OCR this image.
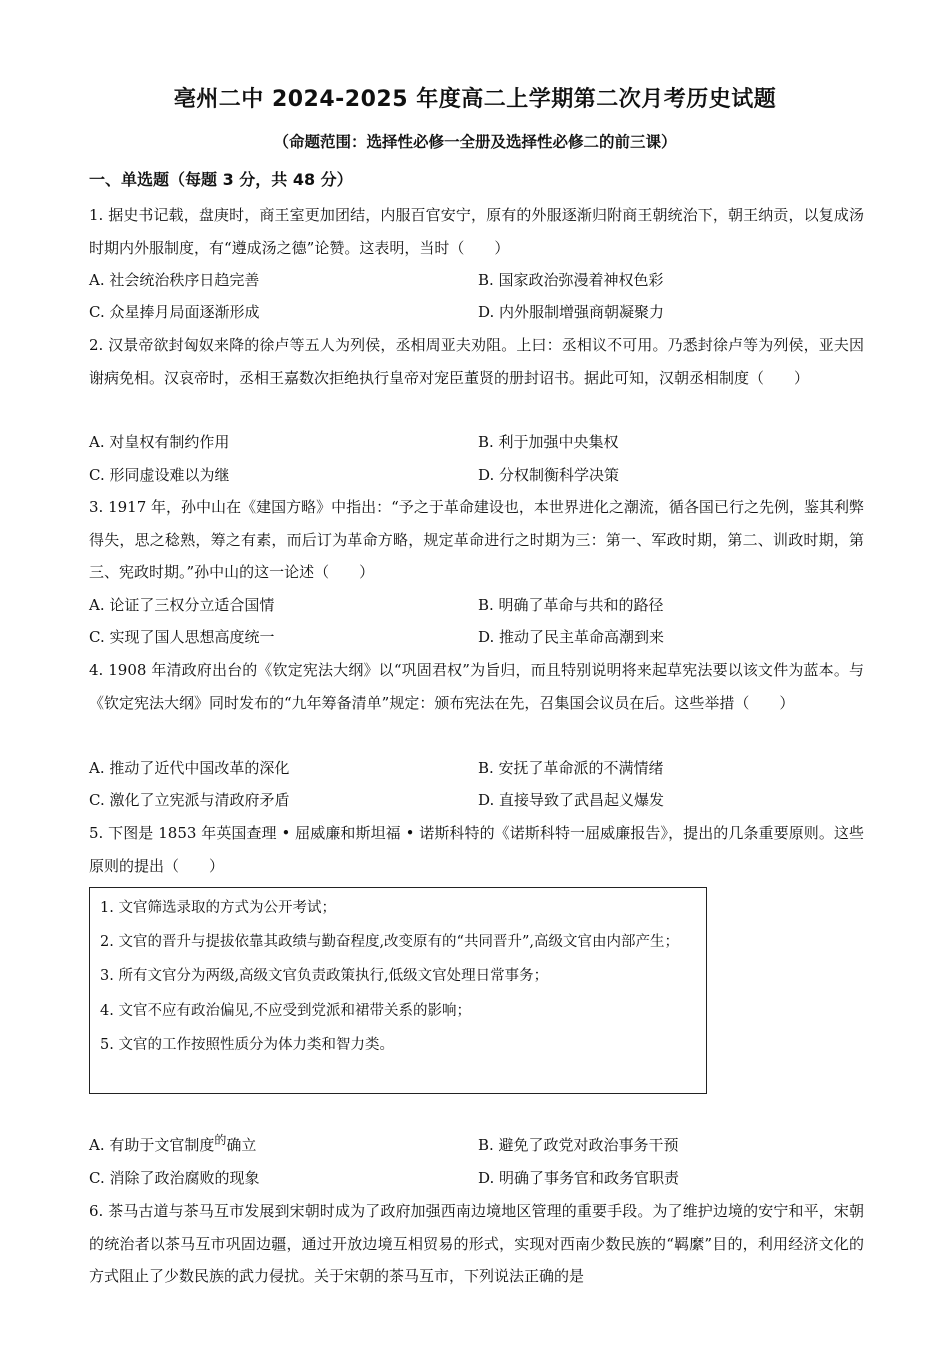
亳州二中 2024-2025 年度高二上学期第二次月考历史试题
（命题范围：选择性必修一全册及选择性必修二的前三课）
一、单选题（每题 3 分，共 48 分）
1. 据史书记载，盘庚时，商王室更加团结，内服百官安宁，原有的外服逐渐归附商王朝统治下，朝王纳贡，以复成汤时期内外服制度，有“遵成汤之德”论赞。这表明，当时（　　）
A. 社会统治秩序日趋完善	B. 国家政治弥漫着神权色彩
C. 众星捧月局面逐渐形成	D. 内外服制增强商朝凝聚力
2. 汉景帝欲封匈奴来降的徐卢等五人为列侯，丞相周亚夫劝阻。上曰：丞相议不可用。乃悉封徐卢等为列侯，亚夫因谢病免相。汉哀帝时，丞相王嘉数次拒绝执行皇帝对宠臣董贤的册封诏书。据此可知，汉朝丞相制度（　　）
A. 对皇权有制约作用	B. 利于加强中央集权
C. 形同虚设难以为继	D. 分权制衡科学决策
3. 1917 年，孙中山在《建国方略》中指出：“予之于革命建设也，本世界进化之潮流，循各国已行之先例，鉴其利弊得失，思之稔熟，筹之有素，而后订为革命方略，规定革命进行之时期为三：第一、军政时期，第二、训政时期，第三、宪政时期。”孙中山的这一论述（　　）
A. 论证了三权分立适合国情	B. 明确了革命与共和的路径
C. 实现了国人思想高度统一	D. 推动了民主革命高潮到来
4. 1908 年清政府出台的《钦定宪法大纲》以“巩固君权”为旨归，而且特别说明将来起草宪法要以该文件为蓝本。与《钦定宪法大纲》同时发布的“九年筹备清单”规定：颁布宪法在先，召集国会议员在后。这些举措（　　）
A. 推动了近代中国改革的深化	B. 安抚了革命派的不满情绪
C. 激化了立宪派与清政府矛盾	D. 直接导致了武昌起义爆发
5. 下图是 1853 年英国查理 • 屈威廉和斯坦福 • 诺斯科特的《诺斯科特一屈威廉报告》，提出的几条重要原则。这些原则的提出（　　）

1. 文官筛选录取的方式为公开考试；

2. 文官的晋升与提拔依靠其政绩与勤奋程度,改变原有的“共同晋升”,高级文官由内部产生；

3. 所有文官分为两级,高级文官负责政策执行,低级文官处理日常事务；

4. 文官不应有政治偏见,不应受到党派和裙带关系的影响；

5. 文官的工作按照性质分为体力类和智力类。

A. 有助于文官制度$^的$确立	B. 避免了政党对政治事务干预
C. 消除了政治腐败的现象	D. 明确了事务官和政务官职责
6. 茶马古道与茶马互市发展到宋朝时成为了政府加强西南边境地区管理的重要手段。为了维护边境的安宁和平，宋朝的统治者以茶马互市巩固边疆，通过开放边境互相贸易的形式，实现对西南少数民族的“羁縻”目的，利用经济文化的方式阻止了少数民族的武力侵扰。关于宋朝的茶马互市，下列说法正确的是
